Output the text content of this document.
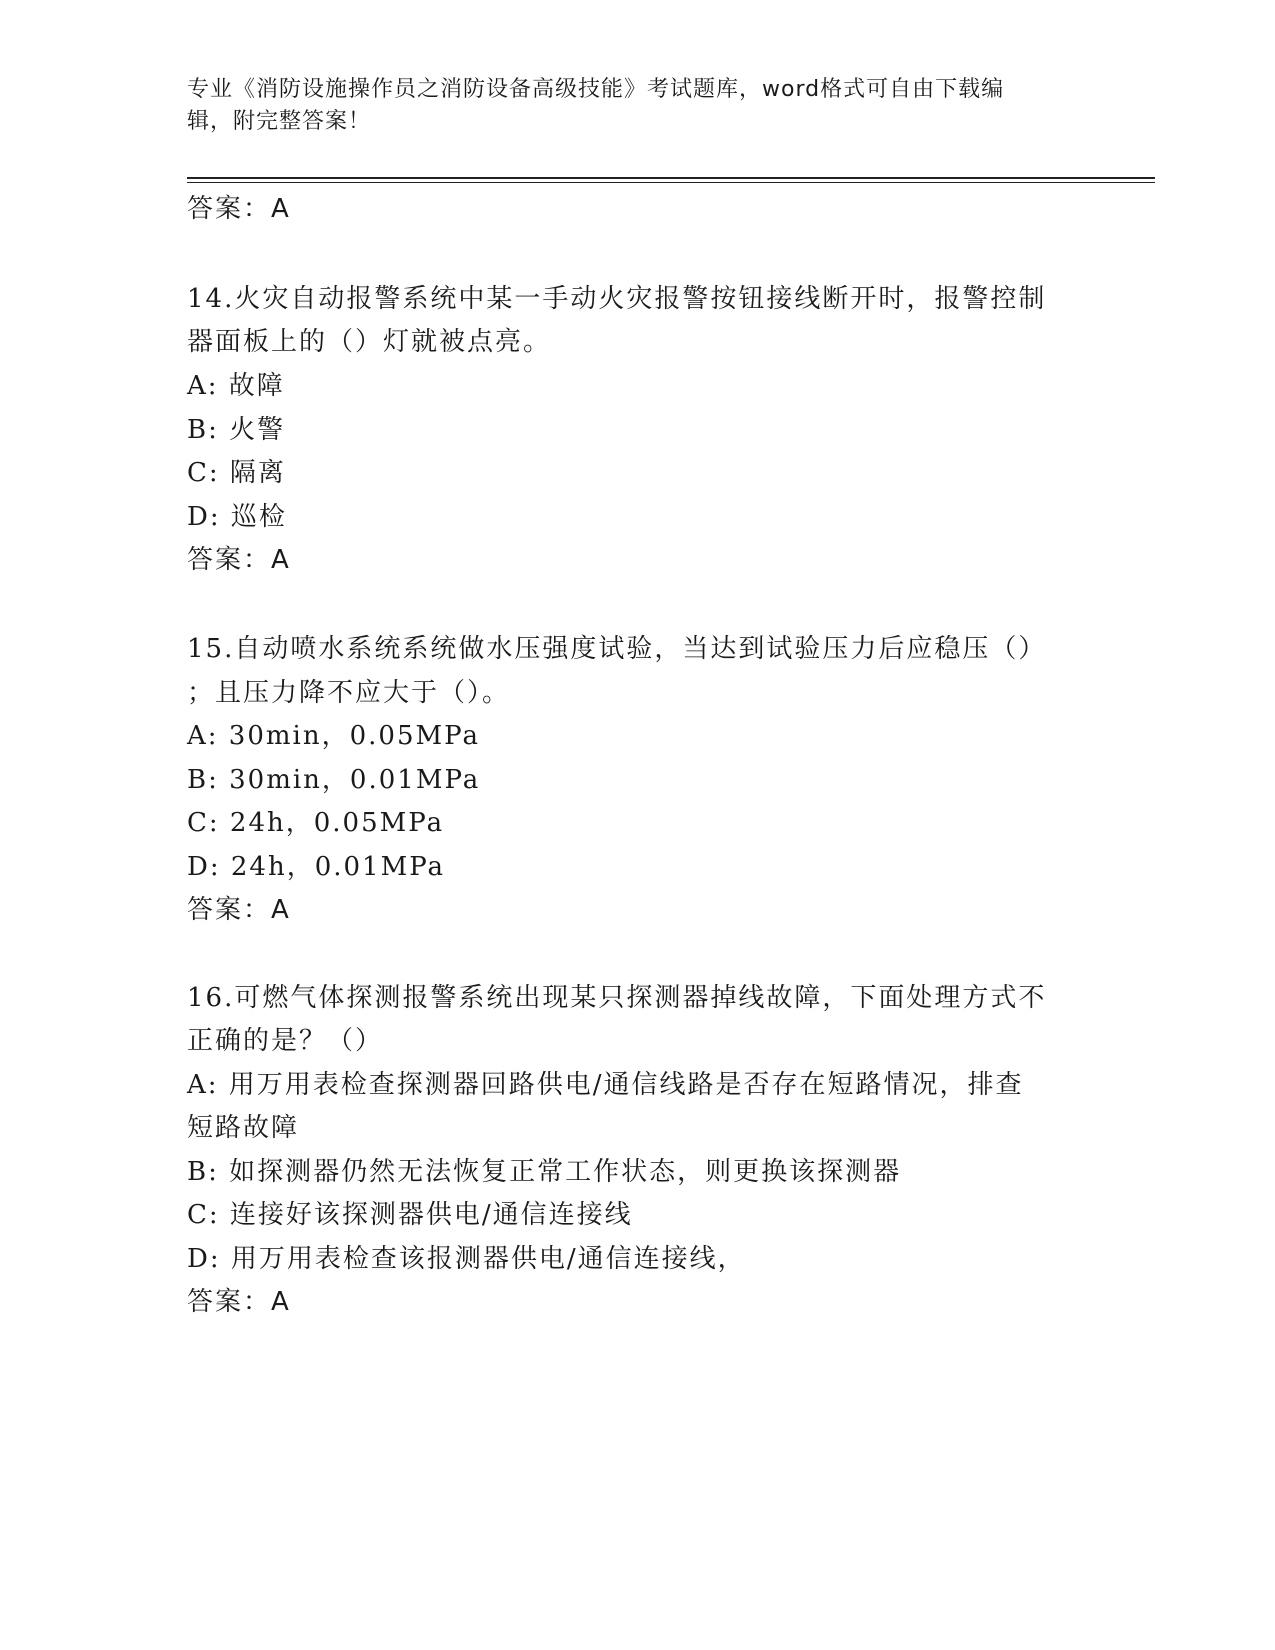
专业《消防设施操作员之消防设备高级技能》考试题库，word格式可自由下载编
辑，附完整答案！
答案：A
14.火灾自动报警系统中某一手动火灾报警按钮接线断开时，报警控制
器面板上的（）灯就被点亮。
A: 故障
B: 火警
C: 隔离
D: 巡检
答案：A
15.自动喷水系统系统做水压强度试验，当达到试验压力后应稳压（）
；且压力降不应大于（）。
A: 30min，0.05MPa
B: 30min，0.01MPa
C: 24h，0.05MPa
D: 24h，0.01MPa
答案：A
16.可燃气体探测报警系统出现某只探测器掉线故障，下面处理方式不
正确的是？（）
A: 用万用表检查探测器回路供电/通信线路是否存在短路情况，排查
短路故障
B: 如探测器仍然无法恢复正常工作状态，则更换该探测器
C: 连接好该探测器供电/通信连接线
D: 用万用表检查该报测器供电/通信连接线，
答案：A
